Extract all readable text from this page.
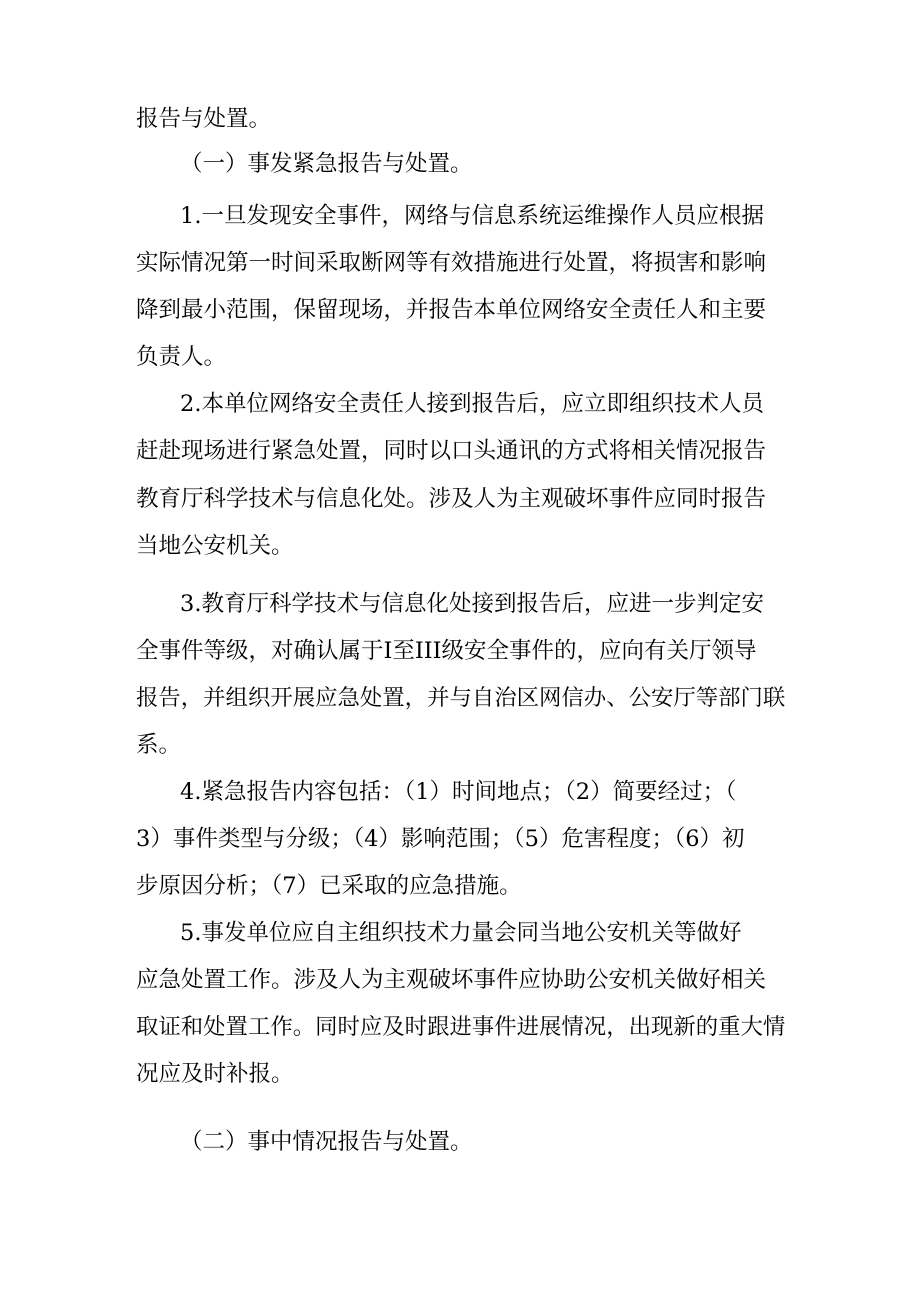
报告与处置。
（一）事发紧急报告与处置。
1.一旦发现安全事件，网络与信息系统运维操作人员应根据
实际情况第一时间采取断网等有效措施进行处置，将损害和影响
降到最小范围，保留现场，并报告本单位网络安全责任人和主要
负责人。
2.本单位网络安全责任人接到报告后，应立即组织技术人员
赶赴现场进行紧急处置，同时以口头通讯的方式将相关情况报告
教育厅科学技术与信息化处。涉及人为主观破坏事件应同时报告
当地公安机关。
3.教育厅科学技术与信息化处接到报告后，应进一步判定安
全事件等级，对确认属于I至III级安全事件的，应向有关厅领导
报告，并组织开展应急处置，并与自治区网信办、公安厅等部门联
系。
4.紧急报告内容包括：（1）时间地点；（2）简要经过；（
3）事件类型与分级；（4）影响范围；（5）危害程度；（6）初
步原因分析；（7）已采取的应急措施。
5.事发单位应自主组织技术力量会同当地公安机关等做好
应急处置工作。涉及人为主观破坏事件应协助公安机关做好相关
取证和处置工作。同时应及时跟进事件进展情况，出现新的重大情
况应及时补报。
（二）事中情况报告与处置。
